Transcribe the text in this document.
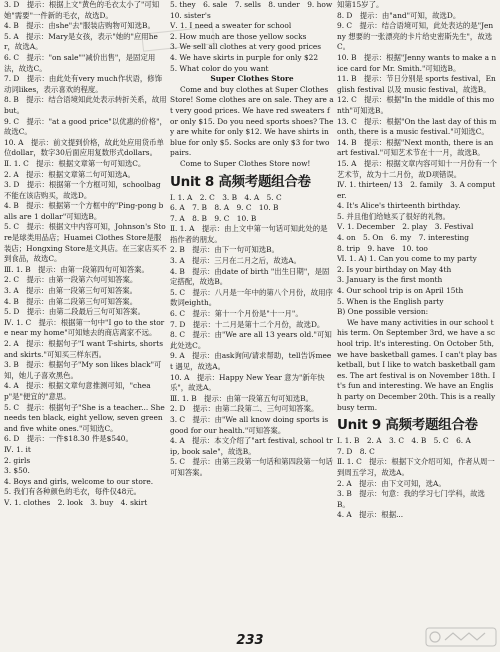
3. D　提示：根据上文"黄色的毛衣太小了"可知她"需要"一件新的毛衣，故选D。
4. B　提示：由she"去"服装店购物可知选B。
5. A　提示：Mary是女孩，表示"她的"应用her，故选A。
6. C　提示："on sale""减价出售"，是固定用法，故选C。
7. D　提示：由此处有very much作状语，修饰动词likes，表示喜欢的程度。
8. B　提示：结合语境知此处表示转折关系，故用but。
9. C　提示："at a good price"以优惠的价格"，故选C。
10. A　提示：前文提到价格，故此处应用货币单位dollar，数字30后面应用复数形式dollars。
Ⅱ. 1. C　提示：根据文章第一句可知选C。
2. A　提示：根据文章第二句可知选A。
3. D　提示：根据第一个方框可知，schoolbag不能在该店购买，故选D。
4. B　提示：根据第一个方框中的"Ping-pong balls are 1 dollar"可知选B。
5. C　提示：根据文中内容可知，Johnson's Store是球类用品店；Huamei Clothes Store是服装店；Hongxing Store是文具店。在三家店买不到食品，故选C。
Ⅲ. 1. B　提示：由第一段第四句可知答案。
2. C　提示：由第一段第六句可知答案。
3. A　提示：由第一段第三句可知答案。
4. B　提示：由第二段第三句可知答案。
5. D　提示：由第二段最后三句可知答案。
Ⅳ. 1. C　提示：根据第一句中"I go to the store near my home"可知她去的商店离家不远。
2. A　提示：根据句子"I want T-shirts, shorts and skirts."可知买三样东西。
3. B　提示：根据句子"My son likes black"可知，她儿子喜欢黑色。
4. A　提示：根据文章句意推测可知，"cheap"是"便宜的"意思。
5. C　提示：根据句子"She is a teacher... She needs ten black, eight yellow, seven green and five white ones."可知选C。
6. D　提示：一件$18.30 件是$540。
Ⅳ. 1. it
2. girls
3. $50.
4. Boys and girls, welcome to our store.
5. 我们有各种颜色的毛衣，每件仅48元。
Ⅴ. 1. clothes　2. look　3. buy　4. skirt
5. they　6. sale　7. sells　8. under　9. how　10. sister's
Ⅴ. 1. I need a sweater for school
2. How much are those yellow socks
3. We sell all clothes at very good prices
4. We have skirts in purple for only $22
5. What color do you want
Super Clothes Store
Come and buy clothes at Super Clothes Store! Some clothes are on sale. They are at very good prices. We have red sweaters for only $15. Do you need sports shoes? They are white for only $12. We have shirts in blue for only $5. Socks are only $3 for two pairs.
Come to Super Clothes Store now!
Unit 8 高频考题组合卷
Ⅰ. 1. A　2. C　3. B　4. A　5. C
6. A　7. B　8. A　9. C　10. B
7. A　8. B　9. C　10. B
Ⅱ. 1. A　提示：由上文中第一句话可知此处的是指作者的朋友。
2. B　提示：由下一句可知选B。
3. A　提示：三月在二月之后，故选A。
4. B　提示：由date of birth "出生日期"，是固定搭配，故选B。
5. C　提示：八月是一年中的第八个月份，故用序数词eighth。
6. C　提示：第十一个月份是"十一月"。
7. D　提示：十二月是第十二个月份，故选D。
8. C　提示：由"We are all 13 years old."可知此处选C。
9. A　提示：由ask询问/请求帮助，tell告诉meet 遇见，故选A。
10. A　提示：Happy New Year 意为"新年快乐"，故选A。
Ⅲ. 1. B　提示：由第一段第五句可知选B。
2. D　提示：由第二段第二、三句可知答案。
3. C　提示：由"We all know doing sports is good for our health."可知答案。
4. A　提示：本文介绍了"art festival, school trip, book sale"，故选B。
5. C　提示：由第三段第一句话和第四段第一句话可知答案。
知第15岁了。
8. D　提示：由"and"可知，故选D。
9. C　提示：结合语境可知，此处表达的是"Jenny 想要的一张漂亮的卡片给史密斯先生"，故选C。
10. B　提示：根据"Jenny wants to make a nice card for Mr. Smith."可知选B。
11. B　提示：节日分别是 sports festival，English festival 以及 music festival，故选B。
12. C　提示：根据"In the middle of this month"可知选B。
13. C　提示：根据"On the last day of this month, there is a music festival."可知选C。
14. B　提示：根据"Next month, there is an art festival."可知艺术节在十一月，故选B。
15. A　提示：根据文章内容可知十一月份有一个艺术节，故为十二月份，故D项错误。
Ⅳ. 1. thirteen/ 13　2. family　3. A computer.
4. It's Alice's thirteenth birthday.
5. 并且他们给她买了很好的礼物。
Ⅴ. 1. December　2. play　3. Festival
4. on　5. On　6. my　7. interesting
8. trip　9. have　10. too
Ⅵ. 1. A) 1. Can you come to my party
2. Is your birthday on May 4th
3. January is the first month
4. Our school trip is on April 15th
5. When is the English party
B) One possible version:
We have many activities in our school this term. On September 3rd, we have a school trip. It's interesting. On October 5th, we have basketball games. I can't play basketball, but I like to watch basketball games. The art festival is on November 18th. It's fun and interesting. We have an English party on December 20th. This is a really busy term.
Unit 9 高频考题组合卷
Ⅰ. 1. B　2. A　3. C　4. B　5. C　6. A
7. D　8. C
Ⅱ. 1. C　提示：根据下文介绍可知，作者从周一到周五学习，故选A。
2. A　提示：由下文可知，选A。
3. B　提示：句意：我的学习七门学科，故选B。
4. A　提示：根据...
233
